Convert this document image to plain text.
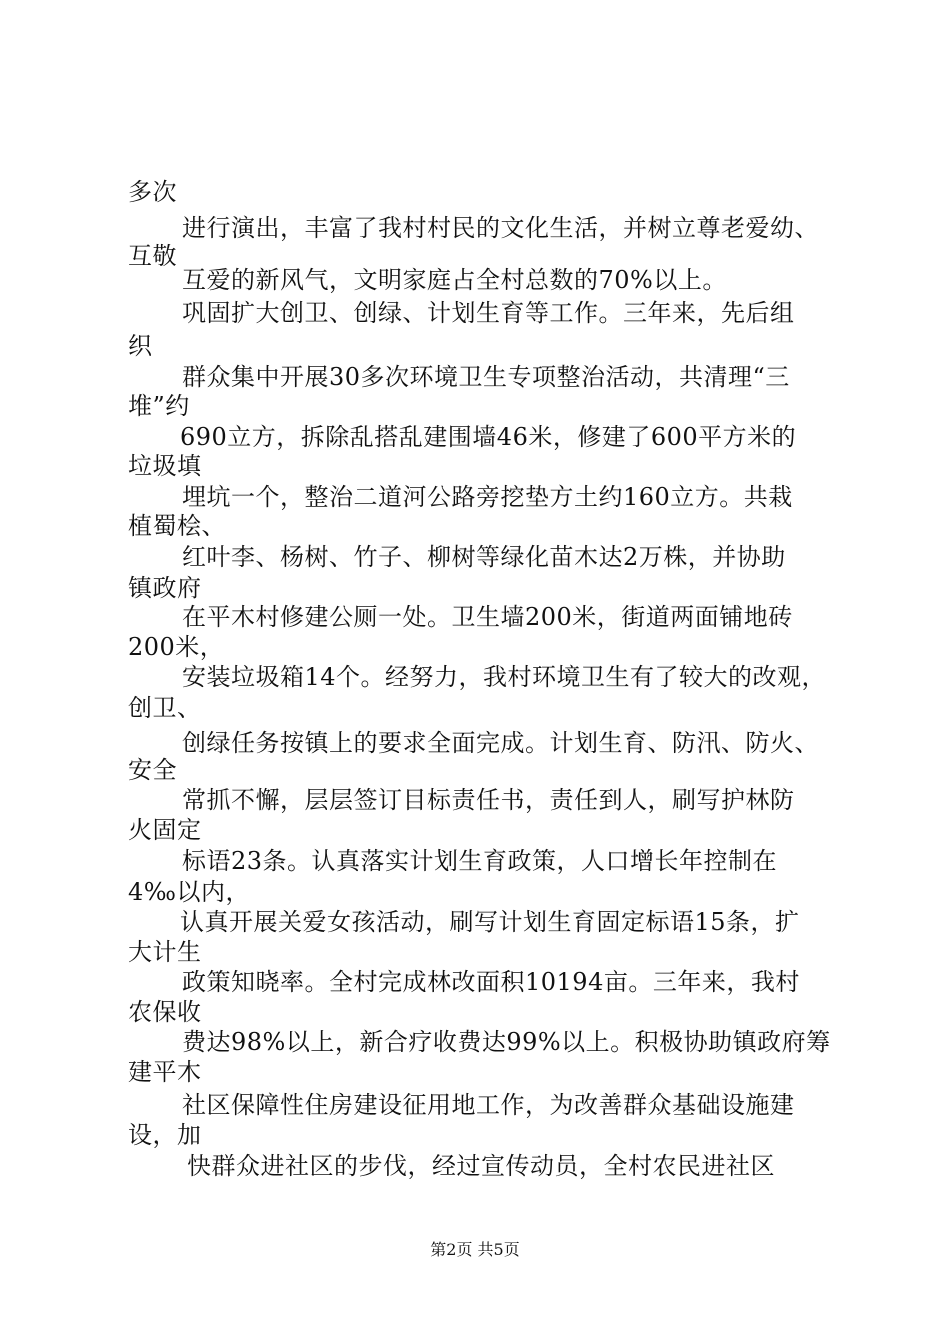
多次
进行演出，丰富了我村村民的文化生活，并树立尊老爱幼、
互敬
互爱的新风气，文明家庭占全村总数的70%以上。
巩固扩大创卫、创绿、计划生育等工作。三年来，先后组
织
群众集中开展30多次环境卫生专项整治活动，共清理“三
堆”约
690立方，拆除乱搭乱建围墙46米，修建了600平方米的
垃圾填
埋坑一个，整治二道河公路旁挖垫方土约160立方。共栽
植蜀桧、
红叶李、杨树、竹子、柳树等绿化苗木达2万株，并协助
镇政府
在平木村修建公厕一处。卫生墙200米，街道两面铺地砖
200米，
安装垃圾箱14个。经努力，我村环境卫生有了较大的改观，
创卫、
创绿任务按镇上的要求全面完成。计划生育、防汛、防火、
安全
常抓不懈，层层签订目标责任书，责任到人，刷写护林防
火固定
标语23条。认真落实计划生育政策，人口增长年控制在
4‰以内，
认真开展关爱女孩活动，刷写计划生育固定标语15条，扩
大计生
政策知晓率。全村完成林改面积10194亩。三年来，我村
农保收
费达98%以上，新合疗收费达99%以上。积极协助镇政府筹
建平木
社区保障性住房建设征用地工作，为改善群众基础设施建
设，加
快群众进社区的步伐，经过宣传动员，全村农民进社区
第2页 共5页
